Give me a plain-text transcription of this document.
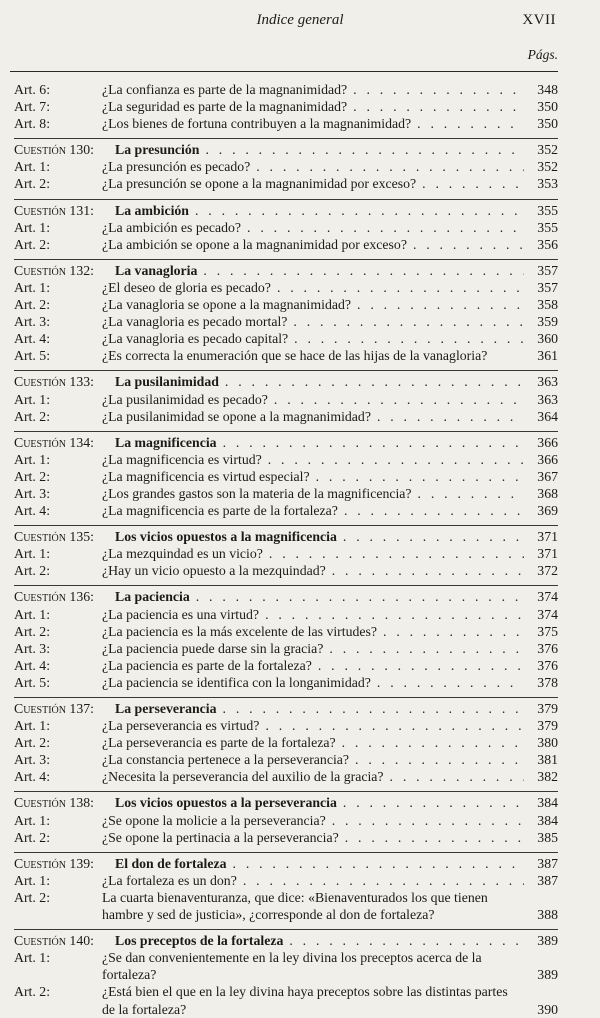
Indice general	XVII
Págs.
Art. 6:	¿La confianza es parte de la magnanimidad? . . .	348
Art. 7:	¿La seguridad es parte de la magnanimidad? . . .	350
Art. 8:	¿Los bienes de fortuna contribuyen a la magnanimidad? . . .	350
Cuestión 130:	La presunción . . .	352
Art. 1:	¿La presunción es pecado? . . .	352
Art. 2:	¿La presunción se opone a la magnanimidad por exceso? . . .	353
Cuestión 131:	La ambición . . .	355
Art. 1:	¿La ambición es pecado? . . .	355
Art. 2:	¿La ambición se opone a la magnanimidad por exceso? . . .	356
Cuestión 132:	La vanagloria . . .	357
Art. 1:	¿El deseo de gloria es pecado? . . .	357
Art. 2:	¿La vanagloria se opone a la magnanimidad? . . .	358
Art. 3:	¿La vanagloria es pecado mortal? . . .	359
Art. 4:	¿La vanagloria es pecado capital? . . .	360
Art. 5:	¿Es correcta la enumeración que se hace de las hijas de la vanagloria?	361
Cuestión 133:	La pusilanimidad . . .	363
Art. 1:	¿La pusilanimidad es pecado? . . .	363
Art. 2:	¿La pusilanimidad se opone a la magnanimidad? . . .	364
Cuestión 134:	La magnificencia . . .	366
Art. 1:	¿La magnificencia es virtud? . . .	366
Art. 2:	¿La magnificencia es virtud especial? . . .	367
Art. 3:	¿Los grandes gastos son la materia de la magnificencia? . . .	368
Art. 4:	¿La magnificencia es parte de la fortaleza? . . .	369
Cuestión 135:	Los vicios opuestos a la magnificencia . . .	371
Art. 1:	¿La mezquindad es un vicio? . . .	371
Art. 2:	¿Hay un vicio opuesto a la mezquindad? . . .	372
Cuestión 136:	La paciencia . . .	374
Art. 1:	¿La paciencia es una virtud? . . .	374
Art. 2:	¿La paciencia es la más excelente de las virtudes? . . .	375
Art. 3:	¿La paciencia puede darse sin la gracia? . . .	376
Art. 4:	¿La paciencia es parte de la fortaleza? . . .	376
Art. 5:	¿La paciencia se identifica con la longanimidad? . . .	378
Cuestión 137:	La perseverancia . . .	379
Art. 1:	¿La perseverancia es virtud? . . .	379
Art. 2:	¿La perseverancia es parte de la fortaleza? . . .	380
Art. 3:	¿La constancia pertenece a la perseverancia? . . .	381
Art. 4:	¿Necesita la perseverancia del auxilio de la gracia? . . .	382
Cuestión 138:	Los vicios opuestos a la perseverancia . . .	384
Art. 1:	¿Se opone la molicie a la perseverancia? . . .	384
Art. 2:	¿Se opone la pertinacia a la perseverancia? . . .	385
Cuestión 139:	El don de fortaleza . . .	387
Art. 1:	¿La fortaleza es un don? . . .	387
Art. 2:	La cuarta bienaventuranza, que dice: «Bienaventurados los que tienen hambre y sed de justicia», ¿corresponde al don de fortaleza?	388
Cuestión 140:	Los preceptos de la fortaleza . . .	389
Art. 1:	¿Se dan convenientemente en la ley divina los preceptos acerca de la fortaleza?	389
Art. 2:	¿Está bien el que en la ley divina haya preceptos sobre las distintas partes de la fortaleza?	390
